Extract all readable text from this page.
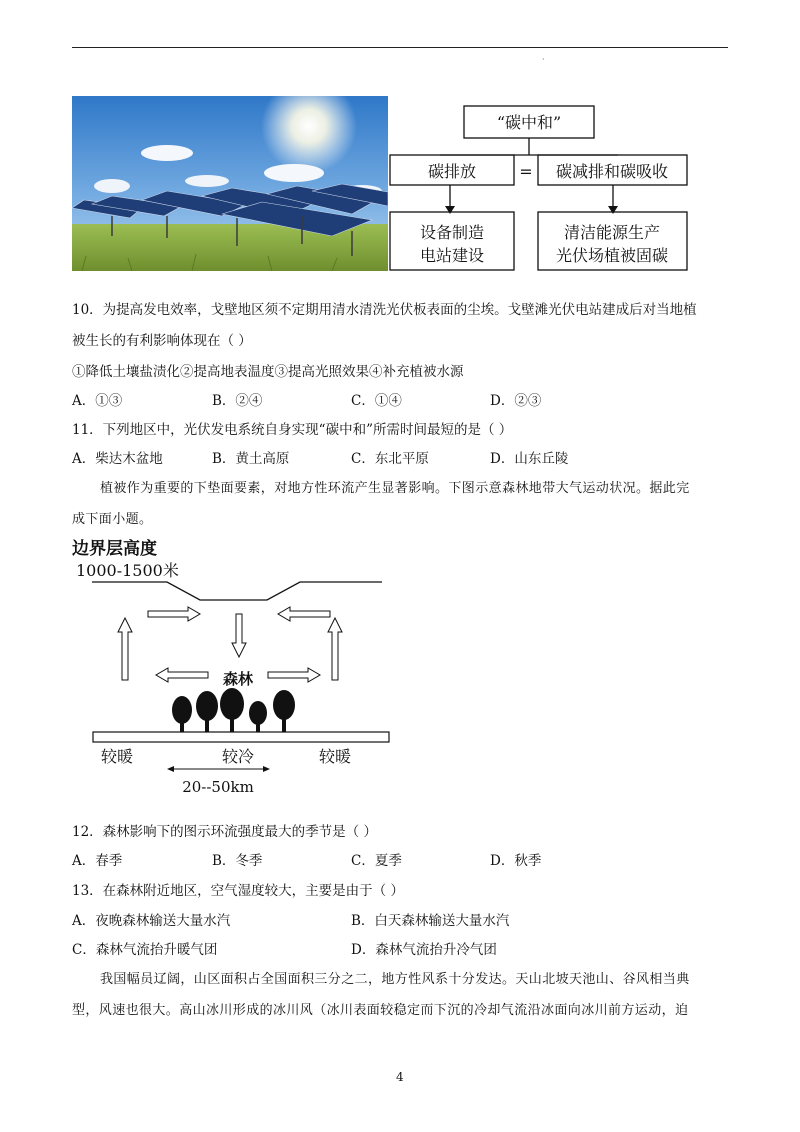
·
“碳中和”
碳排放	= 碳减排和碳吸收
设备制造
电站建设
清洁能源生产
光伏场植被固碳
10．为提高发电效率，戈壁地区须不定期用清水清洗光伏板表面的尘埃。戈壁滩光伏电站建成后对当地植
被生长的有利影响体现在（ ）
①降低土壤盐渍化②提高地表温度③提高光照效果④补充植被水源
A．①③	B．②④	C．①④	D．②③
11．下列地区中，光伏发电系统自身实现“碳中和”所需时间最短的是（ ）
A．柴达木盆地	B．黄土高原	C．东北平原	D．山东丘陵
植被作为重要的下垫面要素，对地方性环流产生显著影响。下图示意森林地带大气运动状况。据此完
成下面小题。
边界层高度
1000-1500米
森林
较暖	较冷	较暖
20--50km
12．森林影响下的图示环流强度最大的季节是（ ）
A．春季	B．冬季	C．夏季	D．秋季
13．在森林附近地区，空气湿度较大，主要是由于（ ）
A．夜晚森林输送大量水汽	B．白天森林输送大量水汽
C．森林气流抬升暖气团	D．森林气流抬升冷气团
我国幅员辽阔，山区面积占全国面积三分之二，地方性风系十分发达。天山北坡天池山、谷风相当典
型，风速也很大。高山冰川形成的冰川风（冰川表面较稳定而下沉的冷却气流沿冰面向冰川前方运动，迫
4
